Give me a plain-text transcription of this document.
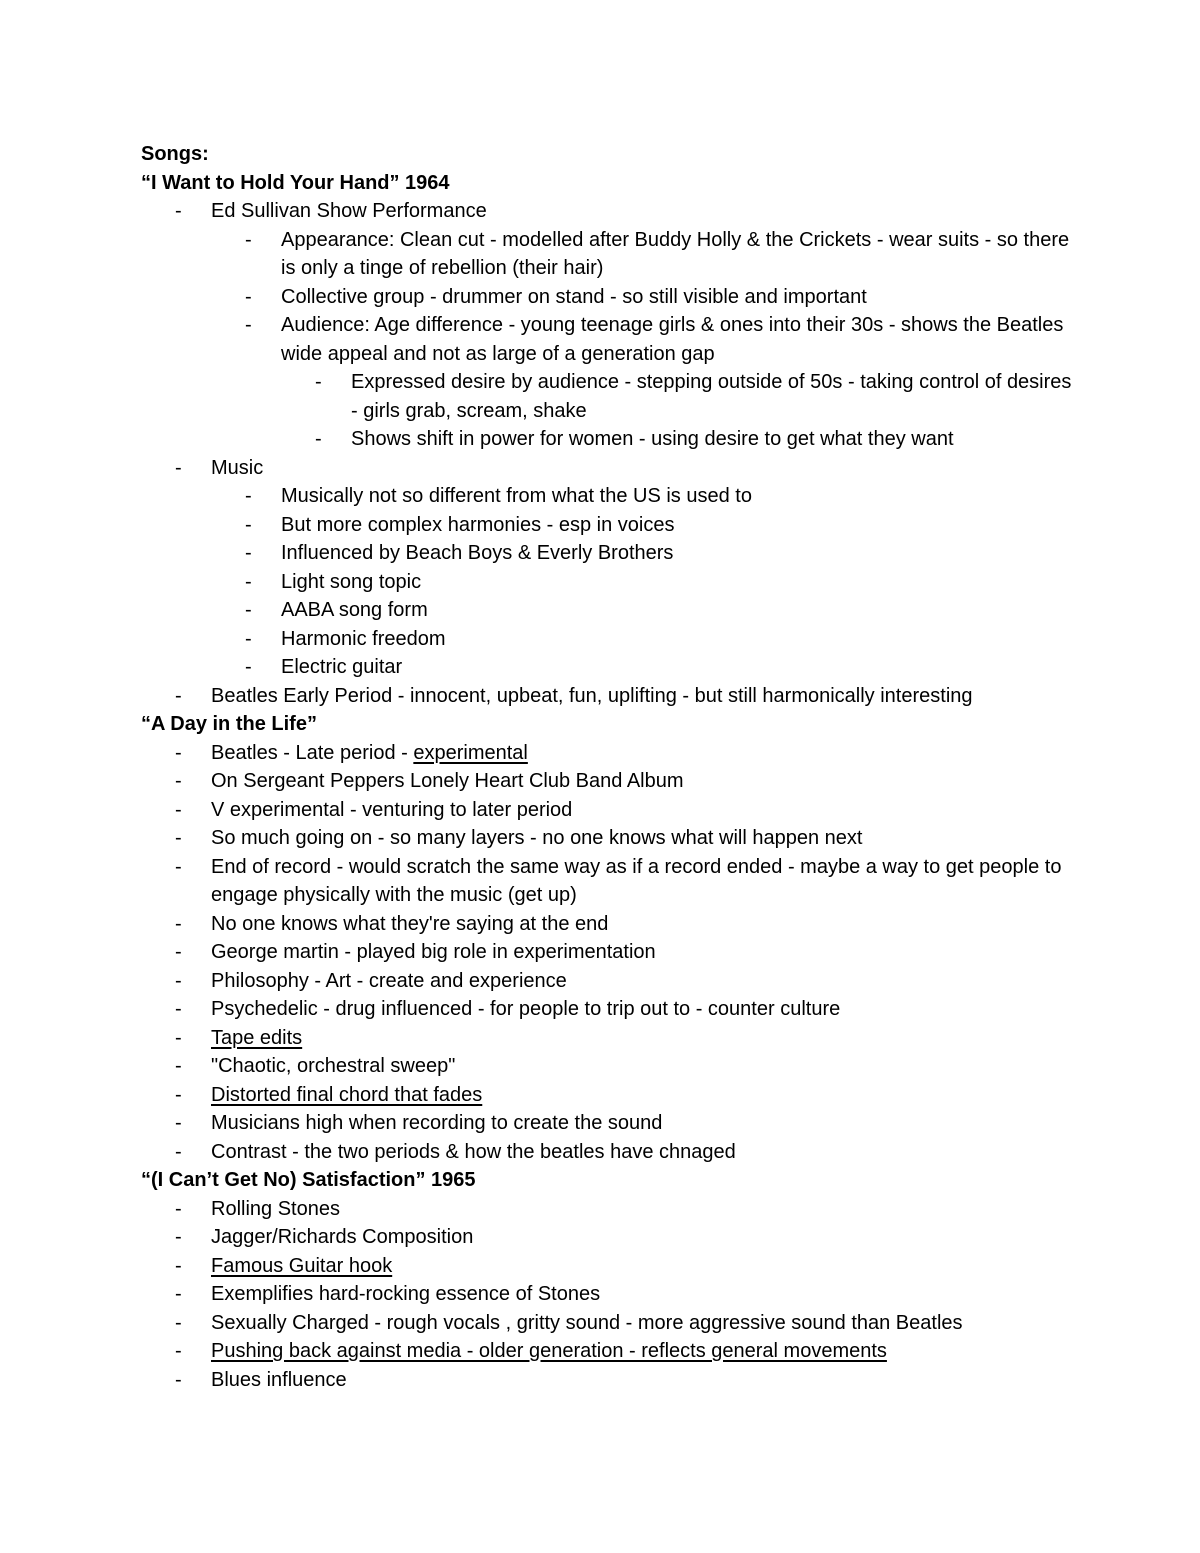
Songs:
“I Want to Hold Your Hand” 1964
- Ed Sullivan Show Performance
- Appearance: Clean cut - modelled after Buddy Holly & the Crickets - wear suits - so there is only a tinge of rebellion (their hair)
- Collective group - drummer on stand - so still visible and important
- Audience: Age difference - young teenage girls & ones into their 30s - shows the Beatles wide appeal and not as large of a generation gap
- Expressed desire by audience - stepping outside of 50s - taking control of desires - girls grab, scream, shake
- Shows shift in power for women - using desire to get what they want
- Music
- Musically not so different from what the US is used to
- But more complex harmonies - esp in voices
- Influenced by Beach Boys & Everly Brothers
- Light song topic
- AABA song form
- Harmonic freedom
- Electric guitar
- Beatles Early Period - innocent, upbeat, fun, uplifting - but still harmonically interesting
“A Day in the Life”
- Beatles - Late period - experimental
- On Sergeant Peppers Lonely Heart Club Band Album
- V experimental - venturing to later period
- So much going on - so many layers - no one knows what will happen next
- End of record - would scratch the same way as if a record ended - maybe a way to get people to engage physically with the music (get up)
- No one knows what they're saying at the end
- George martin - played big role in experimentation
- Philosophy - Art - create and experience
- Psychedelic - drug influenced - for people to trip out to - counter culture
- Tape edits
- "Chaotic, orchestral sweep"
- Distorted final chord that fades
- Musicians high when recording to create the sound
- Contrast - the two periods & how the beatles have chnaged
“(I Can’t Get No) Satisfaction” 1965
- Rolling Stones
- Jagger/Richards Composition
- Famous Guitar hook
- Exemplifies hard-rocking essence of Stones
- Sexually Charged - rough vocals , gritty sound - more aggressive sound than Beatles
- Pushing back against media - older generation - reflects general movements
- Blues influence
